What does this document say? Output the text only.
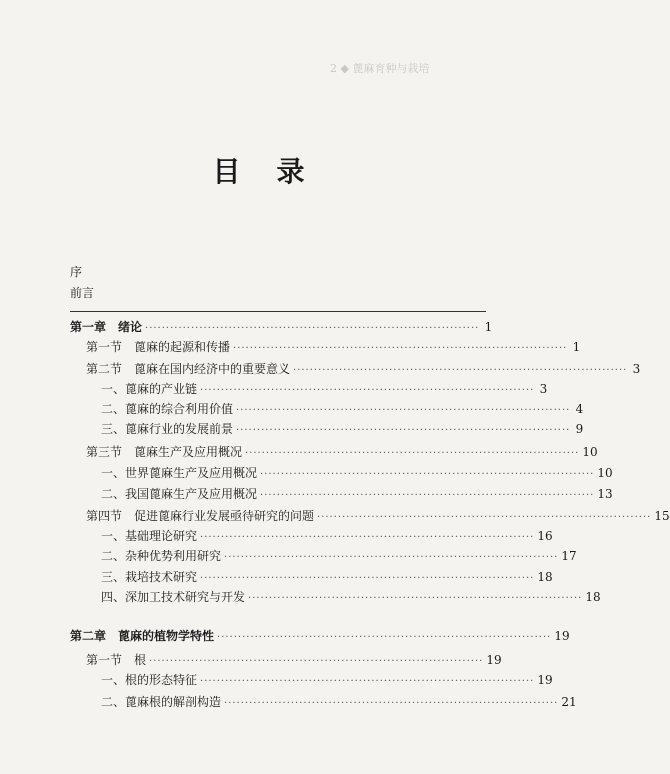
2 ◆ 蓖麻育种与栽培
目录
序
前言
第一章　绪论 ················································································ 1
第一节　蓖麻的起源和传播 ················································································ 1
第二节　蓖麻在国内经济中的重要意义 ················································································ 3
一、蓖麻的产业链 ················································································ 3
二、蓖麻的综合利用价值 ················································································ 4
三、蓖麻行业的发展前景 ················································································ 9
第三节　蓖麻生产及应用概况 ················································································ 10
一、世界蓖麻生产及应用概况 ················································································ 10
二、我国蓖麻生产及应用概况 ················································································ 13
第四节　促进蓖麻行业发展亟待研究的问题 ················································································ 15
一、基础理论研究 ················································································ 16
二、杂种优势利用研究 ················································································ 17
三、栽培技术研究 ················································································ 18
四、深加工技术研究与开发 ················································································ 18
第二章　蓖麻的植物学特性 ················································································ 19
第一节　根 ················································································ 19
一、根的形态特征 ················································································ 19
二、蓖麻根的解剖构造 ················································································ 21
